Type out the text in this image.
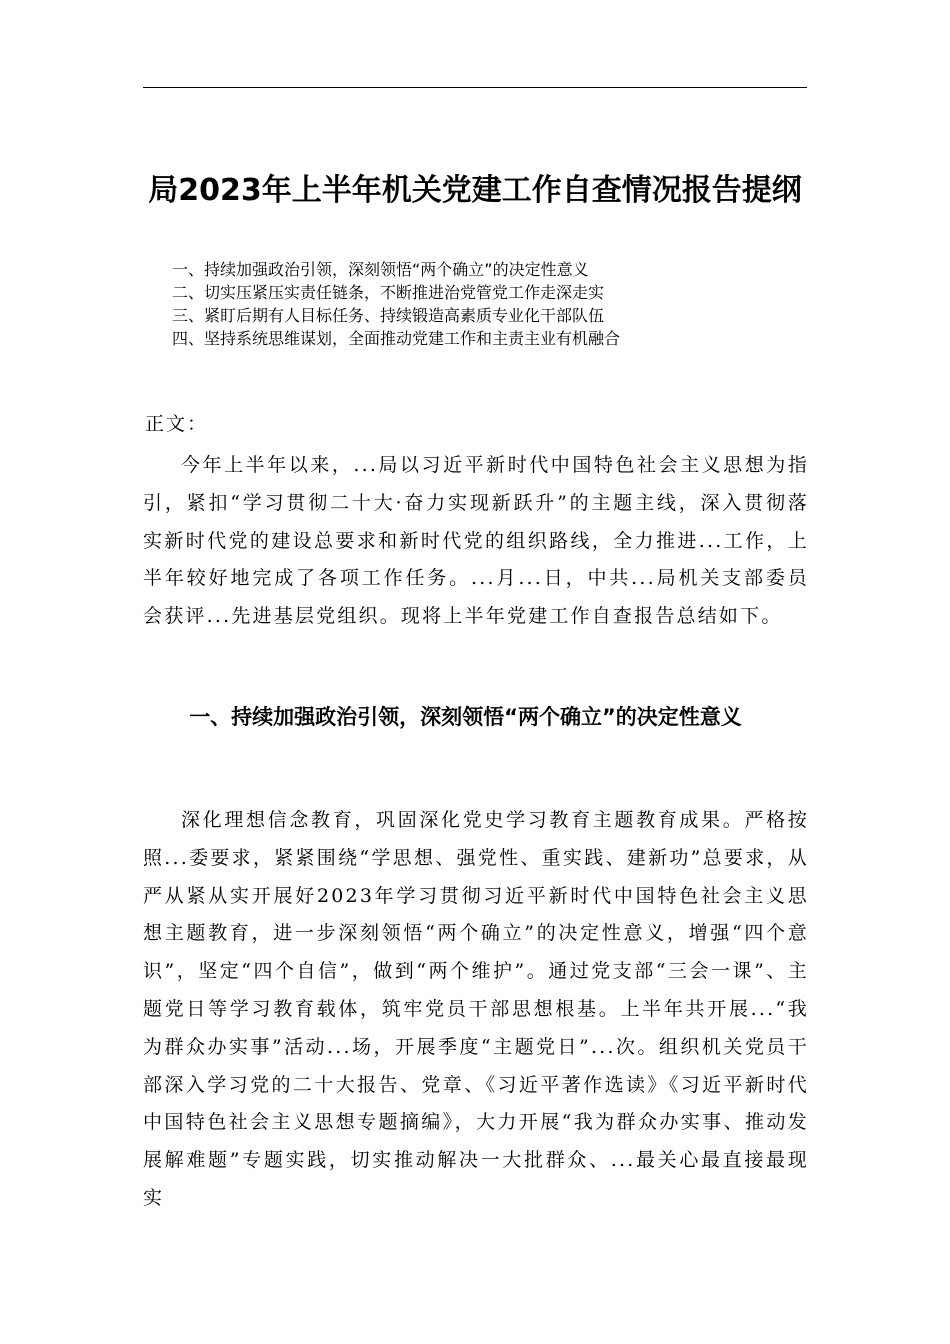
局2023年上半年机关党建工作自查情况报告提纲
一、持续加强政治引领，深刻领悟“两个确立”的决定性意义
二、切实压紧压实责任链条，不断推进治党管党工作走深走实
三、紧盯后期有人目标任务、持续锻造高素质专业化干部队伍
四、坚持系统思维谋划，全面推动党建工作和主责主业有机融合
正文：

今年上半年以来，...局以习近平新时代中国特色社会主义思想为指引，紧扣“学习贯彻二十大·奋力实现新跃升”的主题主线，深入贯彻落实新时代党的建设总要求和新时代党的组织路线，全力推进...工作，上半年较好地完成了各项工作任务。...月...日，中共...局机关支部委员会获评...先进基层党组织。现将上半年党建工作自查报告总结如下。

一、持续加强政治引领，深刻领悟“两个确立”的决定性意义

深化理想信念教育，巩固深化党史学习教育主题教育成果。严格按照...委要求，紧紧围绕“学思想、强党性、重实践、建新功”总要求，从严从紧从实开展好2023年学习贯彻习近平新时代中国特色社会主义思想主题教育，进一步深刻领悟“两个确立”的决定性意义，增强“四个意识”，坚定“四个自信”，做到“两个维护”。通过党支部“三会一课”、主题党日等学习教育载体，筑牢党员干部思想根基。上半年共开展...“我为群众办实事”活动...场，开展季度“主题党日”...次。组织机关党员干部深入学习党的二十大报告、党章、《习近平著作选读》《习近平新时代中国特色社会主义思想专题摘编》，大力开展“我为群众办实事、推动发展解难题”专题实践，切实推动解决一大批群众、...最关心最直接最现实
